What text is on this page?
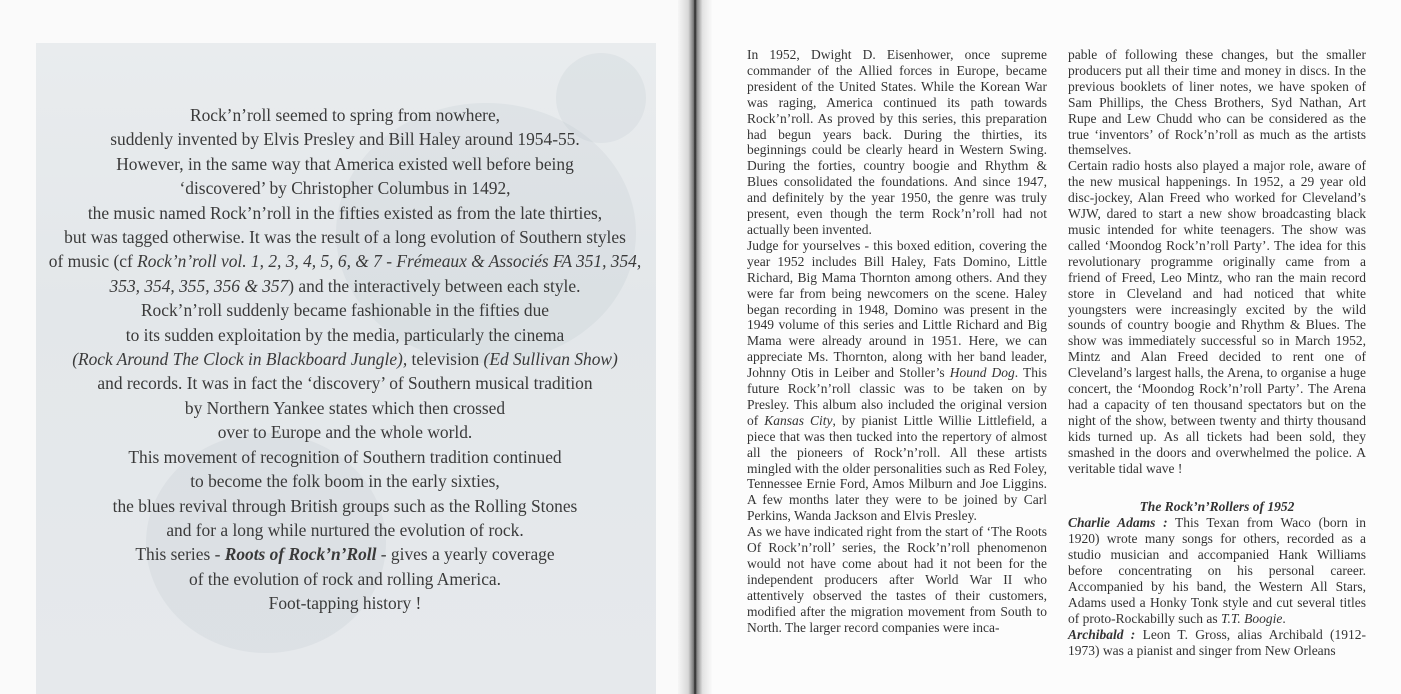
Rock’n’roll seemed to spring from nowhere,
suddenly invented by Elvis Presley and Bill Haley around 1954-55.
However, in the same way that America existed well before being
‘discovered’ by Christopher Columbus in 1492,
the music named Rock’n’roll in the fifties existed as from the late thirties,
but was tagged otherwise. It was the result of a long evolution of Southern styles
of music (cf Rock’n’roll vol. 1, 2, 3, 4, 5, 6, & 7 - Frémeaux & Associés FA 351, 354,
353, 354, 355, 356 & 357) and the interactively between each style.
Rock’n’roll suddenly became fashionable in the fifties due
to its sudden exploitation by the media, particularly the cinema
(Rock Around The Clock in Blackboard Jungle), television (Ed Sullivan Show)
and records. It was in fact the ‘discovery’ of Southern musical tradition
by Northern Yankee states which then crossed
over to Europe and the whole world.
This movement of recognition of Southern tradition continued
to become the folk boom in the early sixties,
the blues revival through British groups such as the Rolling Stones
and for a long while nurtured the evolution of rock.
This series - Roots of Rock’n’Roll - gives a yearly coverage
of the evolution of rock and rolling America.
Foot-tapping history !

In 1952, Dwight D. Eisenhower, once supreme commander of the Allied forces in Europe, became president of the United States. While the Korean War was raging, America continued its path towards Rock’n’roll. As proved by this series, this preparation had begun years back. During the thirties, its beginnings could be clearly heard in Western Swing. During the forties, country boogie and Rhythm & Blues consolidated the foundations. And since 1947, and definitely by the year 1950, the genre was truly present, even though the term Rock’n’roll had not actually been invented.

Judge for yourselves - this boxed edition, covering the year 1952 includes Bill Haley, Fats Domino, Little Richard, Big Mama Thornton among others. And they were far from being newcomers on the scene. Haley began recording in 1948, Domino was present in the 1949 volume of this series and Little Richard and Big Mama were already around in 1951. Here, we can appreciate Ms. Thornton, along with her band leader, Johnny Otis in Leiber and Stoller’s Hound Dog. This future Rock’n’roll classic was to be taken on by Presley. This album also included the original version of Kansas City, by pianist Little Willie Littlefield, a piece that was then tucked into the repertory of almost all the pioneers of Rock’n’roll. All these artists mingled with the older personalities such as Red Foley, Tennessee Ernie Ford, Amos Milburn and Joe Liggins. A few months later they were to be joined by Carl Perkins, Wanda Jackson and Elvis Presley.

As we have indicated right from the start of ‘The Roots Of Rock’n’roll’ series, the Rock’n’roll phenomenon would not have come about had it not been for the independent producers after World War II who attentively observed the tastes of their customers, modified after the migration movement from South to North. The larger record companies were inca-

pable of following these changes, but the smaller producers put all their time and money in discs. In the previous booklets of liner notes, we have spoken of Sam Phillips, the Chess Brothers, Syd Nathan, Art Rupe and Lew Chudd who can be considered as the true ‘inventors’ of Rock’n’roll as much as the artists themselves.

Certain radio hosts also played a major role, aware of the new musical happenings. In 1952, a 29 year old disc-jockey, Alan Freed who worked for Cleveland’s WJW, dared to start a new show broadcasting black music intended for white teenagers. The show was called ‘Moondog Rock’n’roll Party’. The idea for this revolutionary programme originally came from a friend of Freed, Leo Mintz, who ran the main record store in Cleveland and had noticed that white youngsters were increasingly excited by the wild sounds of country boogie and Rhythm & Blues. The show was immediately successful so in March 1952, Mintz and Alan Freed decided to rent one of Cleveland’s largest halls, the Arena, to organise a huge concert, the ‘Moondog Rock’n’roll Party’. The Arena had a capacity of ten thousand spectators but on the night of the show, between twenty and thirty thousand kids turned up. As all tickets had been sold, they smashed in the doors and overwhelmed the police. A veritable tidal wave !

The Rock’n’Rollers of 1952

Charlie Adams : This Texan from Waco (born in 1920) wrote many songs for others, recorded as a studio musician and accompanied Hank Williams before concentrating on his personal career. Accompanied by his band, the Western All Stars, Adams used a Honky Tonk style and cut several titles of proto-Rockabilly such as T.T. Boogie.

Archibald : Leon T. Gross, alias Archibald (1912-1973) was a pianist and singer from New Orleans
